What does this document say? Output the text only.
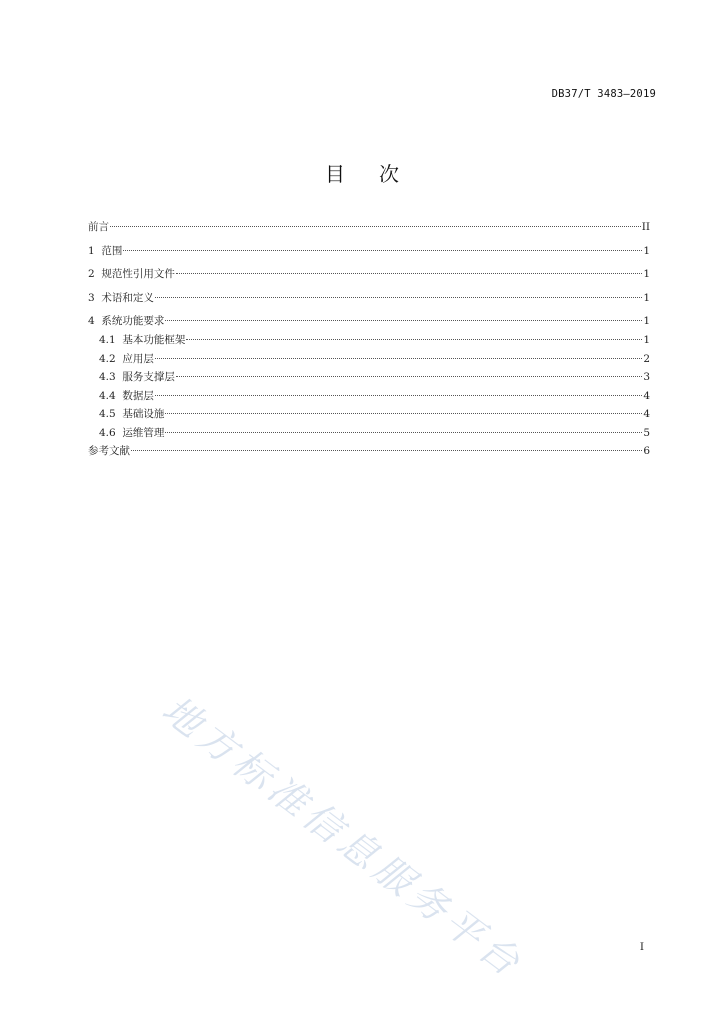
DB37/T 3483—2019
目 次
前言	II
1 范围	1
2 规范性引用文件	1
3 术语和定义	1
4 系统功能要求	1
4.1 基本功能框架	1
4.2 应用层	2
4.3 服务支撑层	3
4.4 数据层	4
4.5 基础设施	4
4.6 运维管理	5
参考文献	6
地方标准信息服务平台	I
